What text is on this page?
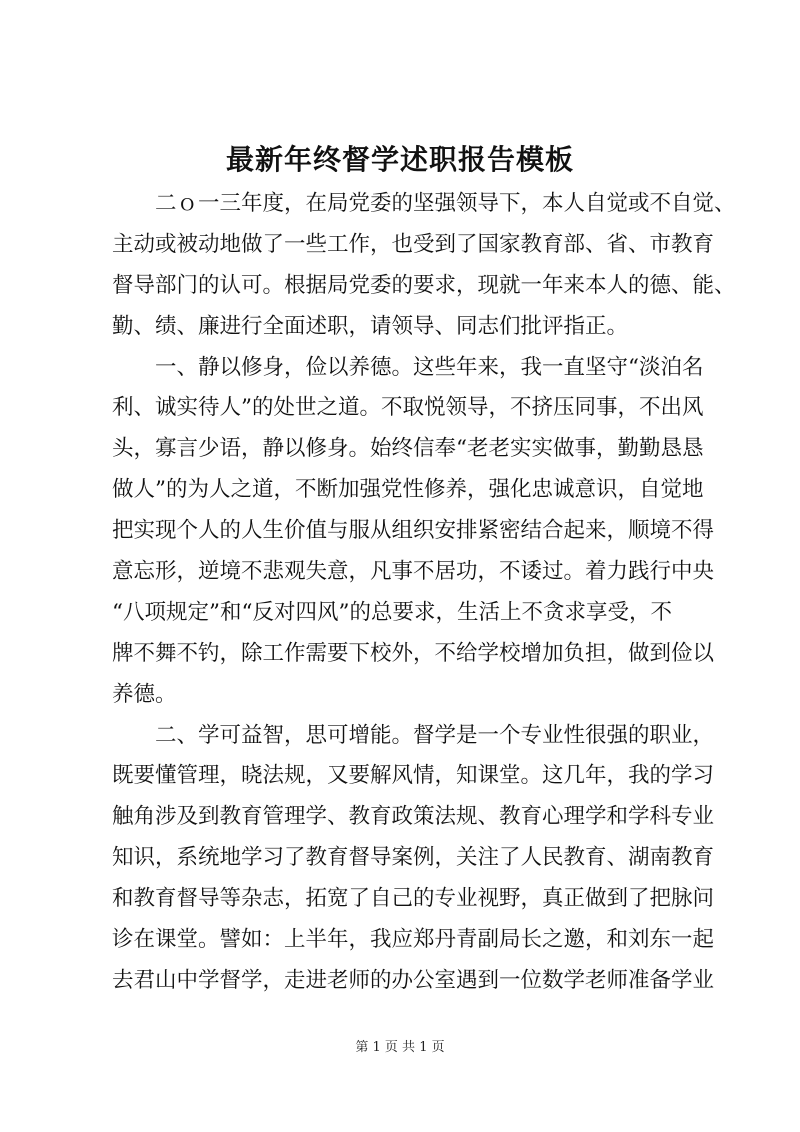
最新年终督学述职报告模板
二ｏ一三年度，在局党委的坚强领导下，本人自觉或不自觉、
主动或被动地做了一些工作，也受到了国家教育部、省、市教育
督导部门的认可。根据局党委的要求，现就一年来本人的德、能、
勤、绩、廉进行全面述职，请领导、同志们批评指正。
一、静以修身，俭以养德。这些年来，我一直坚守“淡泊名
利、诚实待人”的处世之道。不取悦领导，不挤压同事，不出风
头，寡言少语，静以修身。始终信奉“老老实实做事，勤勤恳恳
做人”的为人之道，不断加强党性修养，强化忠诚意识，自觉地
把实现个人的人生价值与服从组织安排紧密结合起来，顺境不得
意忘形，逆境不悲观失意，凡事不居功，不诿过。着力践行中央
“八项规定”和“反对四风”的总要求，生活上不贪求享受，不
牌不舞不钓，除工作需要下校外，不给学校增加负担，做到俭以
养德。
二、学可益智，思可增能。督学是一个专业性很强的职业，
既要懂管理，晓法规，又要解风情，知课堂。这几年，我的学习
触角涉及到教育管理学、教育政策法规、教育心理学和学科专业
知识，系统地学习了教育督导案例，关注了人民教育、湖南教育
和教育督导等杂志，拓宽了自己的专业视野，真正做到了把脉问
诊在课堂。譬如：上半年，我应郑丹青副局长之邀，和刘东一起
去君山中学督学，走进老师的办公室遇到一位数学老师准备学业
第 1 页 共 1 页
